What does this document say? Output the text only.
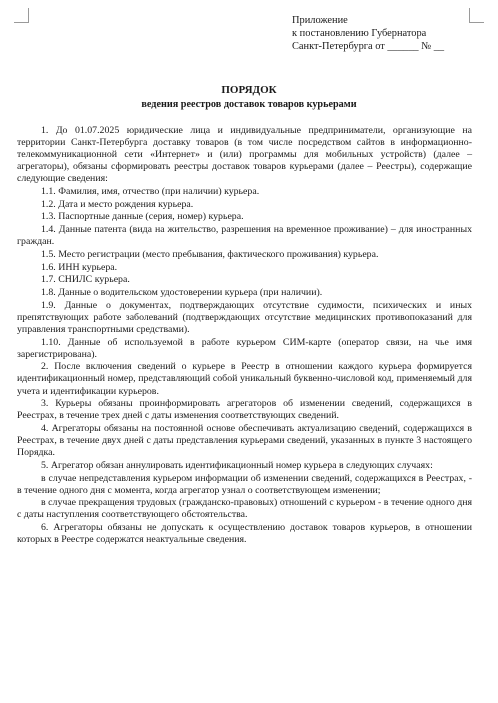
Приложение
к постановлению Губернатора
Санкт-Петербурга от ______ № __
ПОРЯДОК
ведения реестров доставок товаров курьерами

1. До 01.07.2025 юридические лица и индивидуальные предприниматели, организующие на территории Санкт-Петербурга доставку товаров (в том числе посредством сайтов в информационно-телекоммуникационной сети «Интернет» и (или) программы для мобильных устройств) (далее – агрегаторы), обязаны сформировать реестры доставок товаров курьерами (далее – Реестры), содержащие следующие сведения:

1.1. Фамилия, имя, отчество (при наличии) курьера.

1.2. Дата и место рождения курьера.

1.3. Паспортные данные (серия, номер) курьера.

1.4. Данные патента (вида на жительство, разрешения на временное проживание) – для иностранных граждан.

1.5. Место регистрации (место пребывания, фактического проживания) курьера.

1.6. ИНН курьера.

1.7. СНИЛС курьера.

1.8. Данные о водительском удостоверении курьера (при наличии).

1.9. Данные о документах, подтверждающих отсутствие судимости, психических и иных препятствующих работе заболеваний (подтверждающих отсутствие медицинских противопоказаний для управления транспортными средствами).

1.10. Данные об используемой в работе курьером СИМ-карте (оператор связи, на чье имя зарегистрирована).

2. После включения сведений о курьере в Реестр в отношении каждого курьера формируется идентификационный номер, представляющий собой уникальный буквенно-числовой код, применяемый для учета и идентификации курьеров.

3. Курьеры обязаны проинформировать агрегаторов об изменении сведений, содержащихся в Реестрах, в течение трех дней с даты изменения соответствующих сведений.

4. Агрегаторы обязаны на постоянной основе обеспечивать актуализацию сведений, содержащихся в Реестрах, в течение двух дней с даты представления курьерами сведений, указанных в пункте 3 настоящего Порядка.

5. Агрегатор обязан аннулировать идентификационный номер курьера в следующих случаях:

в случае непредставления курьером информации об изменении сведений, содержащихся в Реестрах, - в течение одного дня с момента, когда агрегатор узнал о соответствующем изменении;

в случае прекращения трудовых (гражданско-правовых) отношений с курьером - в течение одного дня с даты наступления соответствующего обстоятельства.

6. Агрегаторы обязаны не допускать к осуществлению доставок товаров курьеров, в отношении которых в Реестре содержатся неактуальные сведения.
